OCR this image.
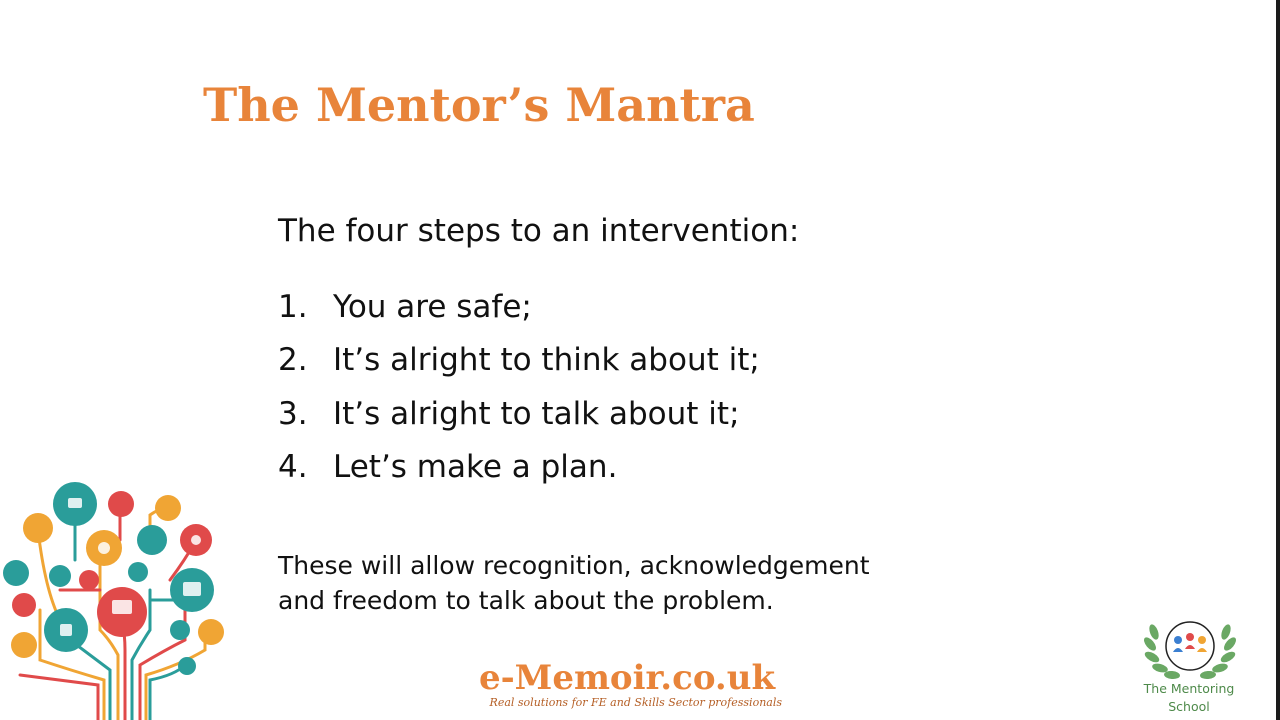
The Mentor’s Mantra
The four steps to an intervention:
1. You are safe;
2. It’s alright to think about it;
3. It’s alright to talk about it;
4. Let’s make a plan.
These will allow recognition, acknowledgement
and freedom to talk about the problem.
e-Memoir.co.uk
Real solutions for FE and Skills Sector professionals
The Mentoring
School
